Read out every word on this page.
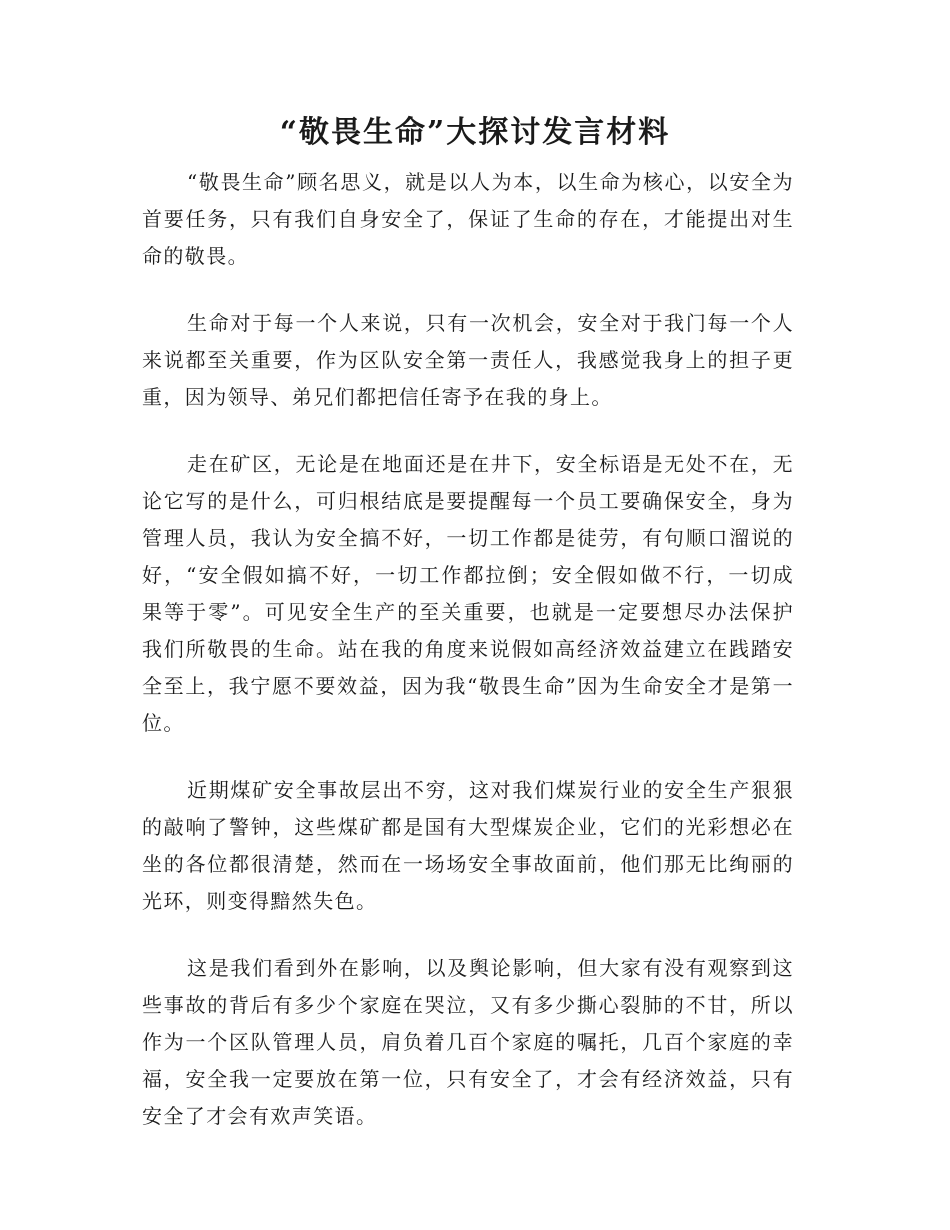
“敬畏生命”大探讨发言材料

“敬畏生命”顾名思义，就是以人为本，以生命为核心，以安全为首要任务，只有我们自身安全了，保证了生命的存在，才能提出对生命的敬畏。

生命对于每一个人来说，只有一次机会，安全对于我门每一个人来说都至关重要，作为区队安全第一责任人，我感觉我身上的担子更重，因为领导、弟兄们都把信任寄予在我的身上。

走在矿区，无论是在地面还是在井下，安全标语是无处不在，无论它写的是什么，可归根结底是要提醒每一个员工要确保安全，身为管理人员，我认为安全搞不好，一切工作都是徒劳，有句顺口溜说的好，“安全假如搞不好，一切工作都拉倒；安全假如做不行，一切成果等于零”。可见安全生产的至关重要，也就是一定要想尽办法保护我们所敬畏的生命。站在我的角度来说假如高经济效益建立在践踏安全至上，我宁愿不要效益，因为我“敬畏生命”因为生命安全才是第一位。

近期煤矿安全事故层出不穷，这对我们煤炭行业的安全生产狠狠的敲响了警钟，这些煤矿都是国有大型煤炭企业，它们的光彩想必在坐的各位都很清楚，然而在一场场安全事故面前，他们那无比绚丽的光环，则变得黯然失色。

这是我们看到外在影响，以及舆论影响，但大家有没有观察到这些事故的背后有多少个家庭在哭泣，又有多少撕心裂肺的不甘，所以作为一个区队管理人员，肩负着几百个家庭的嘱托，几百个家庭的幸福，安全我一定要放在第一位，只有安全了，才会有经济效益，只有安全了才会有欢声笑语。
